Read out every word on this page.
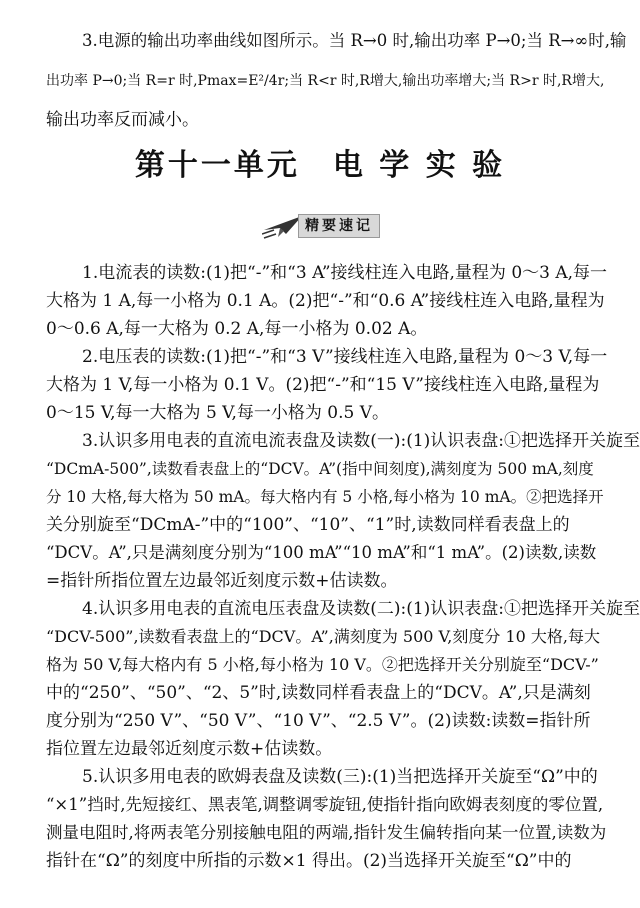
3.电源的输出功率曲线如图所示。当 R→0 时,输出功率 P→0;当 R→∞时,输
出功率 P→0;当 R=r 时,Pmax=E²/4r;当 R<r 时,R增大,输出功率增大;当 R>r 时,R增大,
输出功率反而减小。
第十一单元　电 学 实 验
精要速记
1.电流表的读数:(1)把“-”和“3 A”接线柱连入电路,量程为 0～3 A,每一
大格为 1 A,每一小格为 0.1 A。(2)把“-”和“0.6 A”接线柱连入电路,量程为
0～0.6 A,每一大格为 0.2 A,每一小格为 0.02 A。
2.电压表的读数:(1)把“-”和“3 V”接线柱连入电路,量程为 0～3 V,每一
大格为 1 V,每一小格为 0.1 V。(2)把“-”和“15 V”接线柱连入电路,量程为
0～15 V,每一大格为 5 V,每一小格为 0.5 V。
3.认识多用电表的直流电流表盘及读数(一):(1)认识表盘:①把选择开关旋至
“DCmA-500”,读数看表盘上的“DCV。A”(指中间刻度),满刻度为 500 mA,刻度
分 10 大格,每大格为 50 mA。每大格内有 5 小格,每小格为 10 mA。②把选择开
关分别旋至“DCmA-”中的“100”、“10”、“1”时,读数同样看表盘上的
“DCV。A”,只是满刻度分别为“100 mA”“10 mA”和“1 mA”。(2)读数,读数
=指针所指位置左边最邻近刻度示数+估读数。
4.认识多用电表的直流电压表盘及读数(二):(1)认识表盘:①把选择开关旋至
“DCV-500”,读数看表盘上的“DCV。A”,满刻度为 500 V,刻度分 10 大格,每大
格为 50 V,每大格内有 5 小格,每小格为 10 V。②把选择开关分别旋至“DCV-”
中的“250”、“50”、“2、5”时,读数同样看表盘上的“DCV。A”,只是满刻
度分别为“250 V”、“50 V”、“10 V”、“2.5 V”。(2)读数:读数=指针所
指位置左边最邻近刻度示数+估读数。
5.认识多用电表的欧姆表盘及读数(三):(1)当把选择开关旋至“Ω”中的
“×1”挡时,先短接红、黑表笔,调整调零旋钮,使指针指向欧姆表刻度的零位置,
测量电阻时,将两表笔分别接触电阻的两端,指针发生偏转指向某一位置,读数为
指针在“Ω”的刻度中所指的示数×1 得出。(2)当选择开关旋至“Ω”中的
